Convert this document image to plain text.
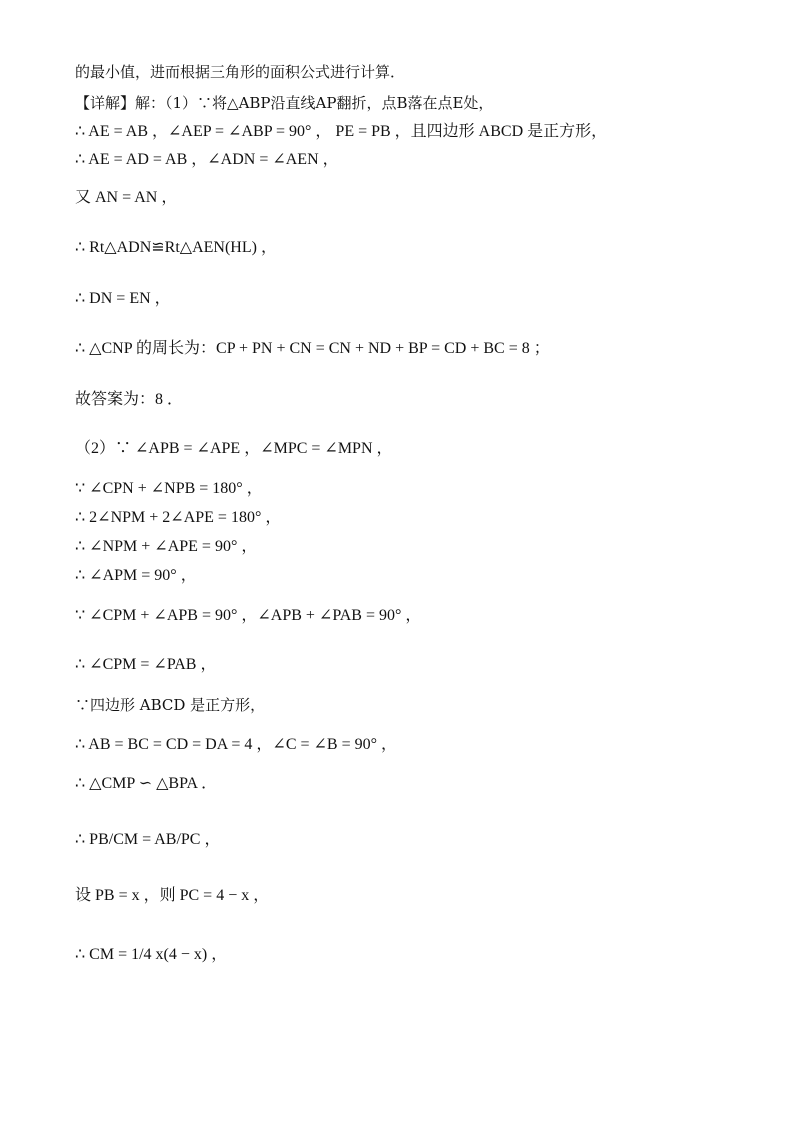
的最小值，进而根据三角形的面积公式进行计算．
【详解】解：（1）∵将△ABP沿直线AP翻折，点B落在点E处，
∴ AE = AB ，∠AEP = ∠ABP = 90° ， PE = PB ，且四边形 ABCD 是正方形，
∴ AE = AD = AB ，∠ADN = ∠AEN ，
又 AN = AN ，
∴ Rt△ADN≌Rt△AEN(HL) ，
∴ DN = EN ，
∴ △CNP 的周长为：CP + PN + CN = CN + ND + BP = CD + BC = 8 ；
故答案为：8 ．
（2）∵ ∠APB = ∠APE ，∠MPC = ∠MPN ，
∵ ∠CPN + ∠NPB = 180° ，
∴ 2∠NPM + 2∠APE = 180° ，
∴ ∠NPM + ∠APE = 90° ，
∴ ∠APM = 90° ，
∵ ∠CPM + ∠APB = 90° ，∠APB + ∠PAB = 90° ，
∴ ∠CPM = ∠PAB ，
∵四边形 ABCD 是正方形，
∴ AB = BC = CD = DA = 4 ，∠C = ∠B = 90° ，
∴ △CMP ∽ △BPA ．
∴ PB/CM = AB/PC ，
设 PB = x ，则 PC = 4 − x ，
∴ CM = 1/4 x(4 − x) ，
